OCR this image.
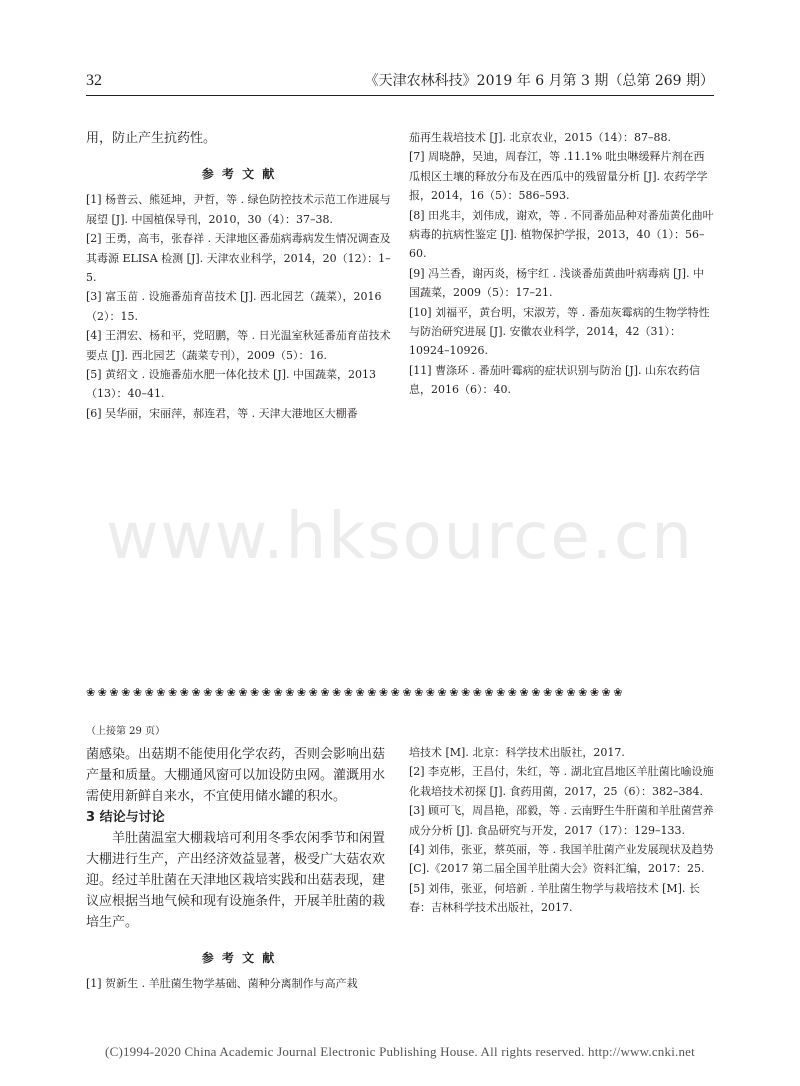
32	《天津农林科技》2019 年 6 月第 3 期（总第 269 期）

用，防止产生抗药性。

参 考 文 献

[1] 杨普云、熊延坤，尹哲，等 . 绿色防控技术示范工作进展与展望 [J]. 中国植保导刊，2010，30（4）：37–38.

[2] 王勇，高韦，张春祥 . 天津地区番茄病毒病发生情况调查及其毒源 ELISA 检测 [J]. 天津农业科学，2014，20（12）：1–5.

[3] 富玉苗 . 设施番茄育苗技术 [J]. 西北园艺（蔬菜），2016（2）：15.

[4] 王渭宏、杨和平，党昭鹏，等 . 日光温室秋延番茄育苗技术要点 [J]. 西北园艺（蔬菜专刊），2009（5）：16.

[5] 黄绍文 . 设施番茄水肥一体化技术 [J]. 中国蔬菜，2013（13）：40–41.

[6] 吴华丽，宋丽萍，郝连君，等 . 天津大港地区大棚番

茄再生栽培技术 [J]. 北京农业，2015（14）：87–88.

[7] 周晓静，吴迪，周春江，等 .11.1% 吡虫啉缓释片剂在西瓜根区土壤的释放分布及在西瓜中的残留量分析 [J]. 农药学学报，2014，16（5）：586–593.

[8] 田兆丰，刘伟成，谢欢，等 . 不同番茄品种对番茄黄化曲叶病毒的抗病性鉴定 [J]. 植物保护学报，2013，40（1）：56–60.

[9] 冯兰香，谢丙炎，杨宇红 . 浅谈番茄黄曲叶病毒病 [J]. 中国蔬菜，2009（5）：17–21.

[10] 刘福平，黄台明，宋淑芳，等 . 番茄灰霉病的生物学特性与防治研究进展 [J]. 安徽农业科学，2014，42（31）：10924–10926.

[11] 曹涤环 . 番茄叶霉病的症状识别与防治 [J]. 山东农药信息，2016（6）：40.

www.hksource.cn
❀❀❀❀❀❀❀❀❀❀❀❀❀❀❀❀❀❀❀❀❀❀❀❀❀❀❀❀❀❀❀❀❀❀❀❀❀❀❀❀❀❀❀❀❀❀

（上接第 29 页）

菌感染。出菇期不能使用化学农药，否则会影响出菇产量和质量。大棚通风窗可以加设防虫网。灌溉用水需使用新鲜自来水，不宜使用储水罐的积水。

3 结论与讨论

羊肚菌温室大棚栽培可利用冬季农闲季节和闲置大棚进行生产，产出经济效益显著，极受广大菇农欢迎。经过羊肚菌在天津地区栽培实践和出菇表现，建议应根据当地气候和现有设施条件，开展羊肚菌的栽培生产。

参 考 文 献

[1] 贺新生 . 羊肚菌生物学基础、菌种分离制作与高产栽

培技术 [M]. 北京：科学技术出版社，2017.

[2] 李克彬，王昌付，朱红，等 . 湖北宜昌地区羊肚菌比喻设施化栽培技术初探 [J]. 食药用菌，2017，25（6）：382–384.

[3] 顾可飞，周昌艳，邵毅，等 . 云南野生牛肝菌和羊肚菌营养成分分析 [J]. 食品研究与开发，2017（17）：129–133.

[4] 刘伟，张亚，蔡英丽，等 . 我国羊肚菌产业发展现状及趋势 [C].《2017 第二届全国羊肚菌大会》资料汇编，2017：25.

[5] 刘伟，张亚，何培新 . 羊肚菌生物学与栽培技术 [M]. 长春：吉林科学技术出版社，2017.

(C)1994-2020 China Academic Journal Electronic Publishing House. All rights reserved. http://www.cnki.net
